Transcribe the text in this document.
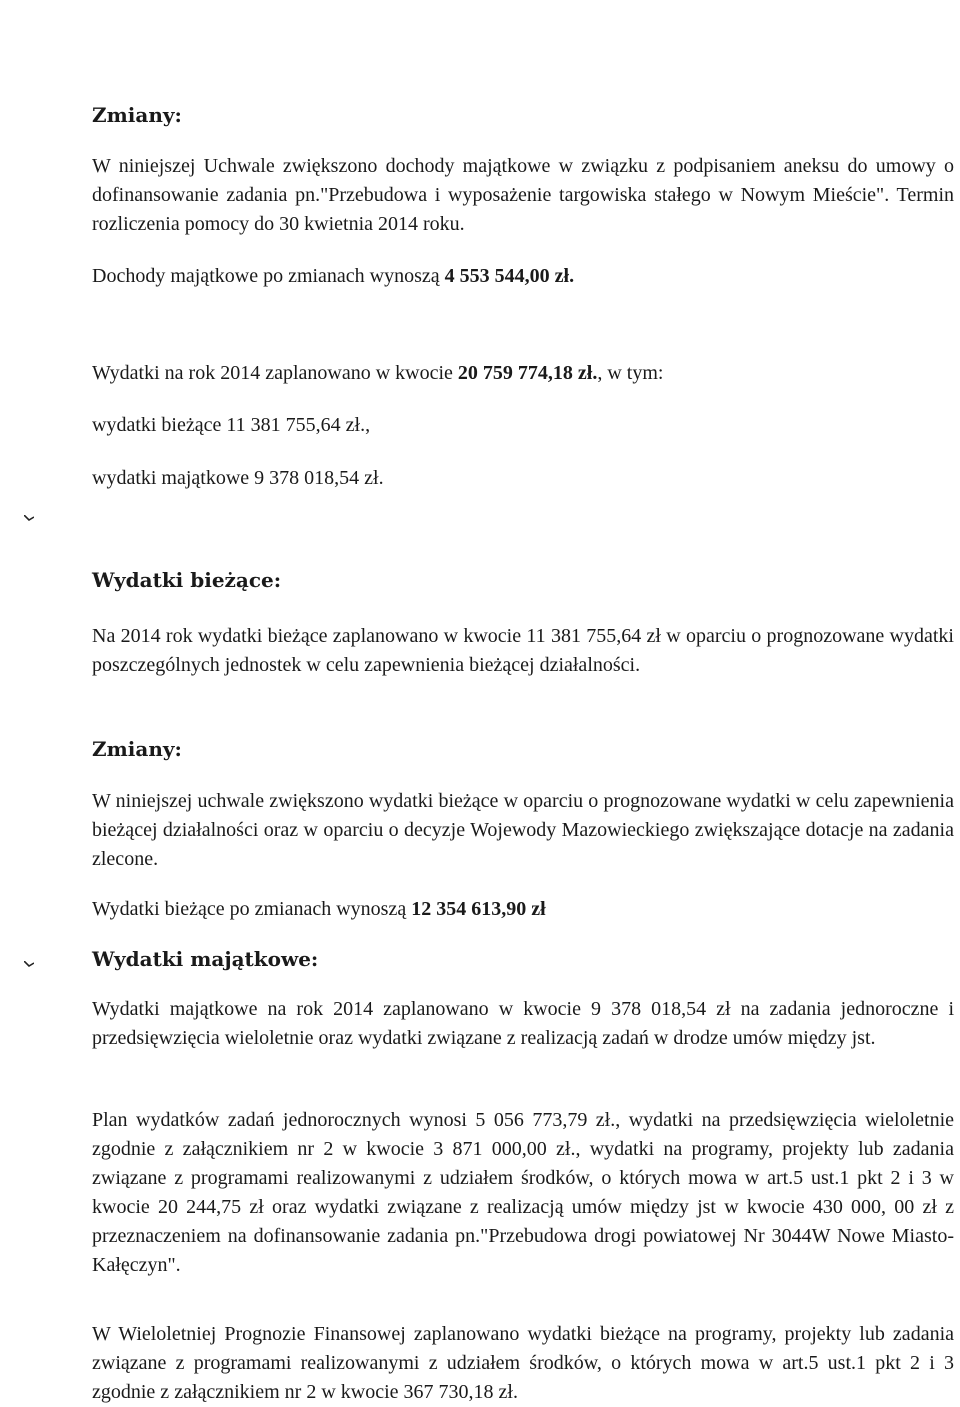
Zmiany:
W niniejszej Uchwale zwiększono dochody majątkowe w związku z podpisaniem aneksu do umowy o dofinansowanie zadania pn."Przebudowa i wyposażenie targowiska stałego w Nowym Mieście". Termin rozliczenia pomocy do 30 kwietnia 2014 roku.
Dochody majątkowe po zmianach wynoszą 4 553 544,00 zł.
Wydatki na rok 2014 zaplanowano w kwocie 20 759 774,18 zł., w tym:
wydatki bieżące 11 381 755,64 zł.,
wydatki majątkowe 9 378 018,54 zł.
Wydatki bieżące:
Na 2014 rok wydatki bieżące zaplanowano w kwocie 11 381 755,64 zł w oparciu o prognozowane wydatki poszczególnych jednostek w celu zapewnienia bieżącej działalności.
Zmiany:
W niniejszej uchwale zwiększono wydatki bieżące w oparciu o prognozowane wydatki w celu zapewnienia bieżącej działalności oraz w oparciu o decyzje Wojewody Mazowieckiego zwiększające dotacje na zadania zlecone.
Wydatki bieżące po zmianach wynoszą 12 354 613,90 zł
Wydatki majątkowe:
Wydatki majątkowe na rok 2014 zaplanowano w kwocie 9 378 018,54 zł na zadania jednoroczne i przedsięwzięcia wieloletnie oraz wydatki związane z realizacją zadań w drodze umów między jst.
Plan wydatków zadań jednorocznych wynosi 5 056 773,79 zł., wydatki na przedsięwzięcia wieloletnie zgodnie z załącznikiem nr 2 w kwocie 3 871 000,00 zł., wydatki na programy, projekty lub zadania związane z programami realizowanymi z udziałem środków, o których mowa w art.5 ust.1 pkt 2 i 3 w kwocie 20 244,75 zł oraz wydatki związane z realizacją umów między jst w kwocie 430 000, 00 zł z przeznaczeniem na dofinansowanie zadania pn."Przebudowa drogi powiatowej Nr 3044W Nowe Miasto-Kałęczyn".
W Wieloletniej Prognozie Finansowej zaplanowano wydatki bieżące na programy, projekty lub zadania związane z programami realizowanymi z udziałem środków, o których mowa w art.5 ust.1 pkt 2 i 3 zgodnie z załącznikiem nr 2 w kwocie 367 730,18 zł.
